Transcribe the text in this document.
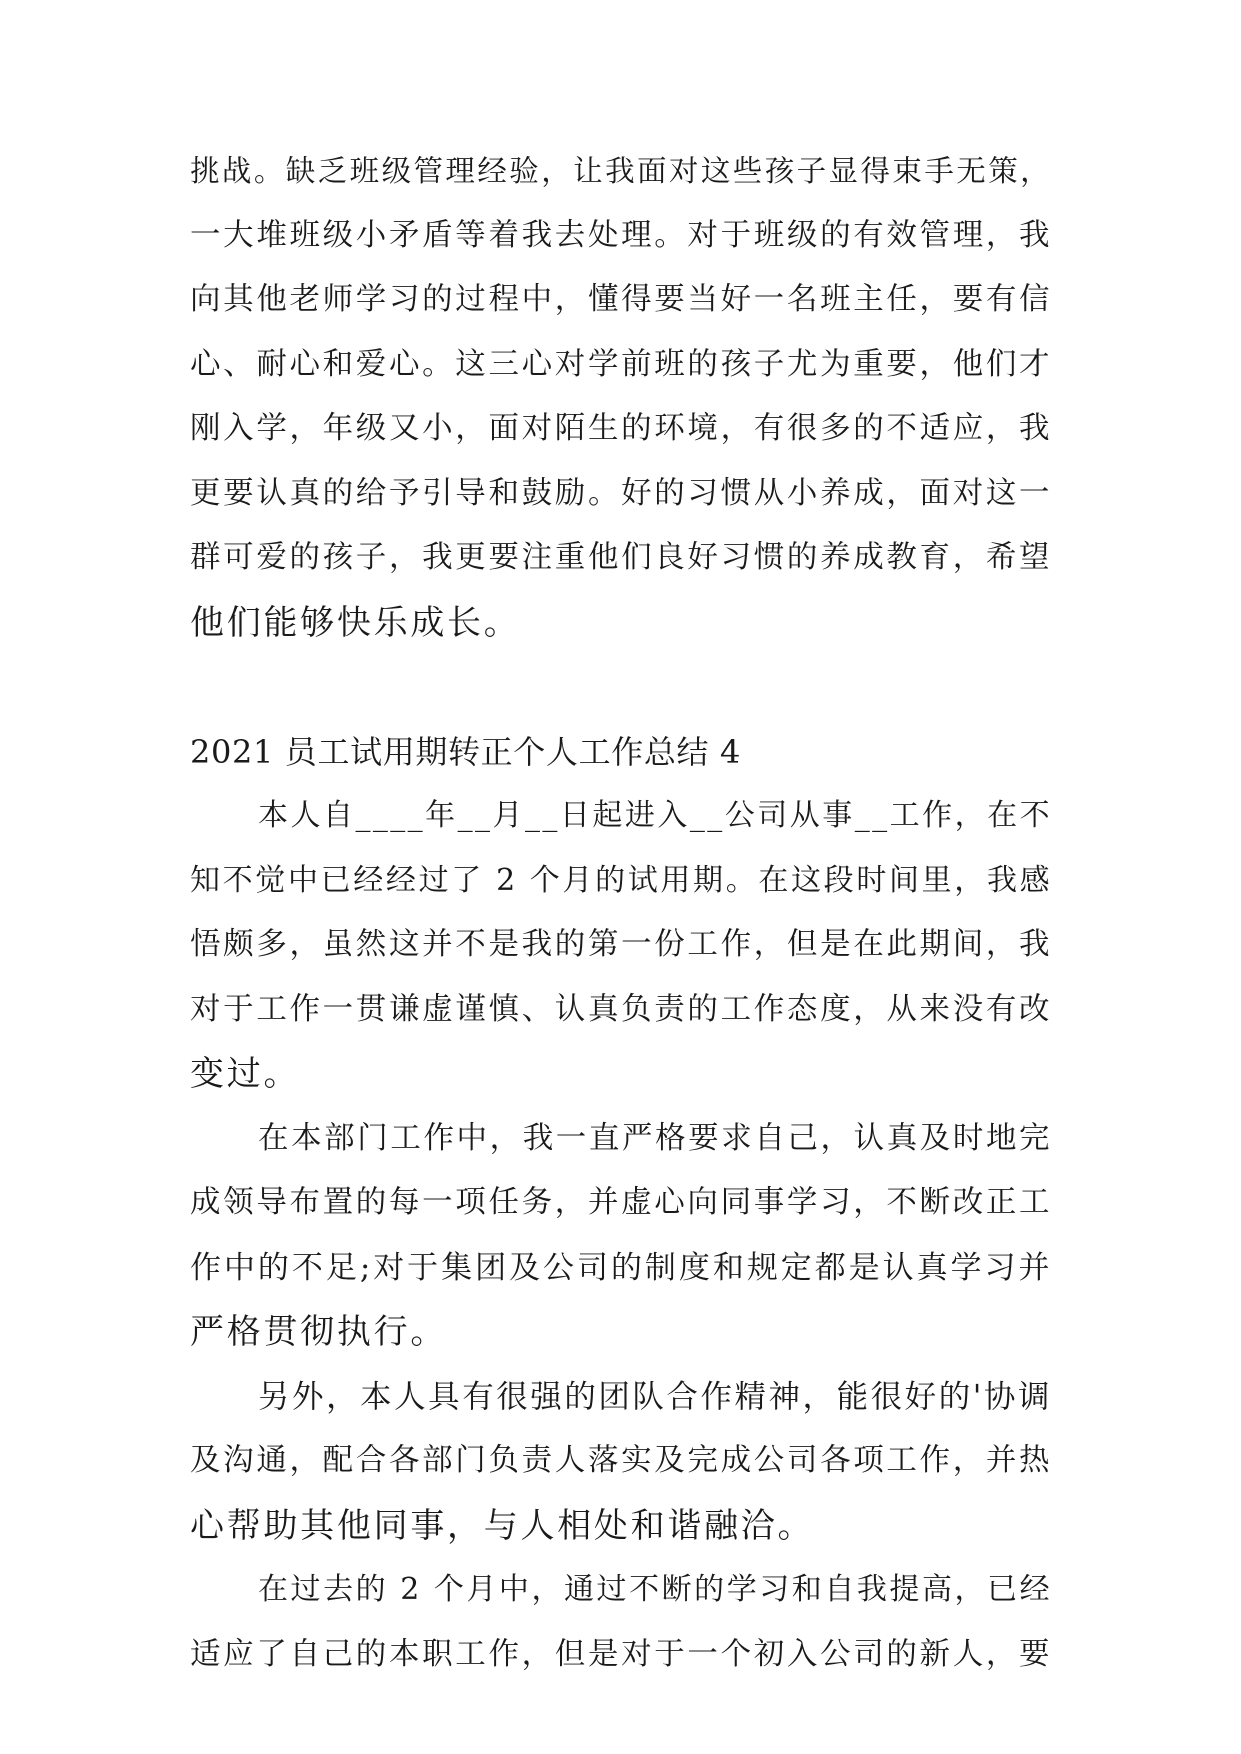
挑战。缺乏班级管理经验，让我面对这些孩子显得束手无策，
一大堆班级小矛盾等着我去处理。对于班级的有效管理，我
向其他老师学习的过程中，懂得要当好一名班主任，要有信
心、耐心和爱心。这三心对学前班的孩子尤为重要，他们才
刚入学，年级又小，面对陌生的环境，有很多的不适应，我
更要认真的给予引导和鼓励。好的习惯从小养成，面对这一
群可爱的孩子，我更要注重他们良好习惯的养成教育，希望
他们能够快乐成长。
2021 员工试用期转正个人工作总结 4
本人自____年__月__日起进入__公司从事__工作，在不
知不觉中已经经过了 2 个月的试用期。在这段时间里，我感
悟颇多，虽然这并不是我的第一份工作，但是在此期间，我
对于工作一贯谦虚谨慎、认真负责的工作态度，从来没有改
变过。
在本部门工作中，我一直严格要求自己，认真及时地完
成领导布置的每一项任务，并虚心向同事学习，不断改正工
作中的不足;对于集团及公司的制度和规定都是认真学习并
严格贯彻执行。
另外，本人具有很强的团队合作精神，能很好的'协调
及沟通，配合各部门负责人落实及完成公司各项工作，并热
心帮助其他同事，与人相处和谐融洽。
在过去的 2 个月中，通过不断的学习和自我提高，已经
适应了自己的本职工作，但是对于一个初入公司的新人，要
